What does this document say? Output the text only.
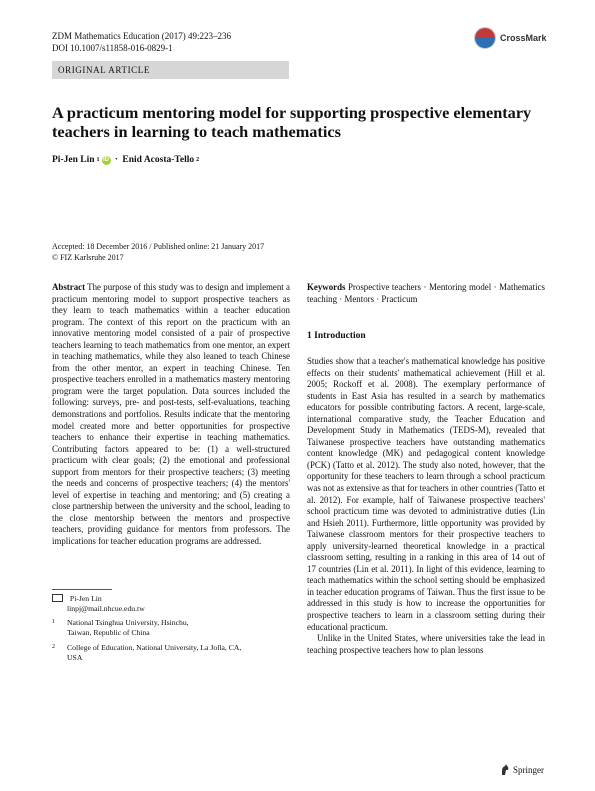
ZDM Mathematics Education (2017) 49:223–236
DOI 10.1007/s11858-016-0829-1
CrossMark
ORIGINAL ARTICLE
A practicum mentoring model for supporting prospective elementary teachers in learning to teach mathematics
Pi-Jen Lin 1 iD · Enid Acosta-Tello 2
Accepted: 18 December 2016 / Published online: 21 January 2017
© FIZ Karlsruhe 2017
Abstract The purpose of this study was to design and implement a practicum mentoring model to support prospective teachers as they learn to teach mathematics within a teacher education program. The context of this report on the practicum with an innovative mentoring model consisted of a pair of prospective teachers learning to teach mathematics from one mentor, an expert in teaching mathematics, while they also leaned to teach Chinese from the other mentor, an expert in teaching Chinese. Ten prospective teachers enrolled in a mathematics mastery mentoring program were the target population. Data sources included the following: surveys, pre- and post-tests, self-evaluations, teaching demonstrations and portfolios. Results indicate that the mentoring model created more and better opportunities for prospective teachers to enhance their expertise in teaching mathematics. Contributing factors appeared to be: (1) a well-structured practicum with clear goals; (2) the emotional and professional support from mentors for their prospective teachers; (3) meeting the needs and concerns of prospective teachers; (4) the mentors' level of expertise in teaching and mentoring; and (5) creating a close partnership between the university and the school, leading to the close mentorship between the mentors and prospective teachers, providing guidance for mentors from professors. The implications for teacher education programs are addressed.
Keywords Prospective teachers · Mentoring model · Mathematics teaching · Mentors · Practicum
1 Introduction

Studies show that a teacher's mathematical knowledge has positive effects on their students' mathematical achievement (Hill et al. 2005; Rockoff et al. 2008). The exemplary performance of students in East Asia has resulted in a search by mathematics educators for possible contributing factors. A recent, large-scale, international comparative study, the Teacher Education and Development Study in Mathematics (TEDS-M), revealed that Taiwanese prospective teachers have outstanding mathematics content knowledge (MK) and pedagogical content knowledge (PCK) (Tatto et al. 2012). The study also noted, however, that the opportunity for these teachers to learn through a school practicum was not as extensive as that for teachers in other countries (Tatto et al. 2012). For example, half of Taiwanese prospective teachers' school practicum time was devoted to administrative duties (Lin and Hsieh 2011). Furthermore, little opportunity was provided by Taiwanese classroom mentors for their prospective teachers to apply university-learned theoretical knowledge in a practical classroom setting, resulting in a ranking in this area of 14 out of 17 countries (Lin et al. 2011). In light of this evidence, learning to teach mathematics within the school setting should be emphasized in teacher education programs of Taiwan. Thus the first issue to be addressed in this study is how to increase the opportunities for prospective teachers to learn in a classroom setting during their educational practicum.

Unlike in the United States, where universities take the lead in teaching prospective teachers how to plan lessons

Pi-Jen Lin
linpj@mail.nhcue.edu.tw
1	National Tsinghua University, Hsinchu,
Taiwan, Republic of China
2	College of Education, National University, La Jolla, CA,
USA
Springer
